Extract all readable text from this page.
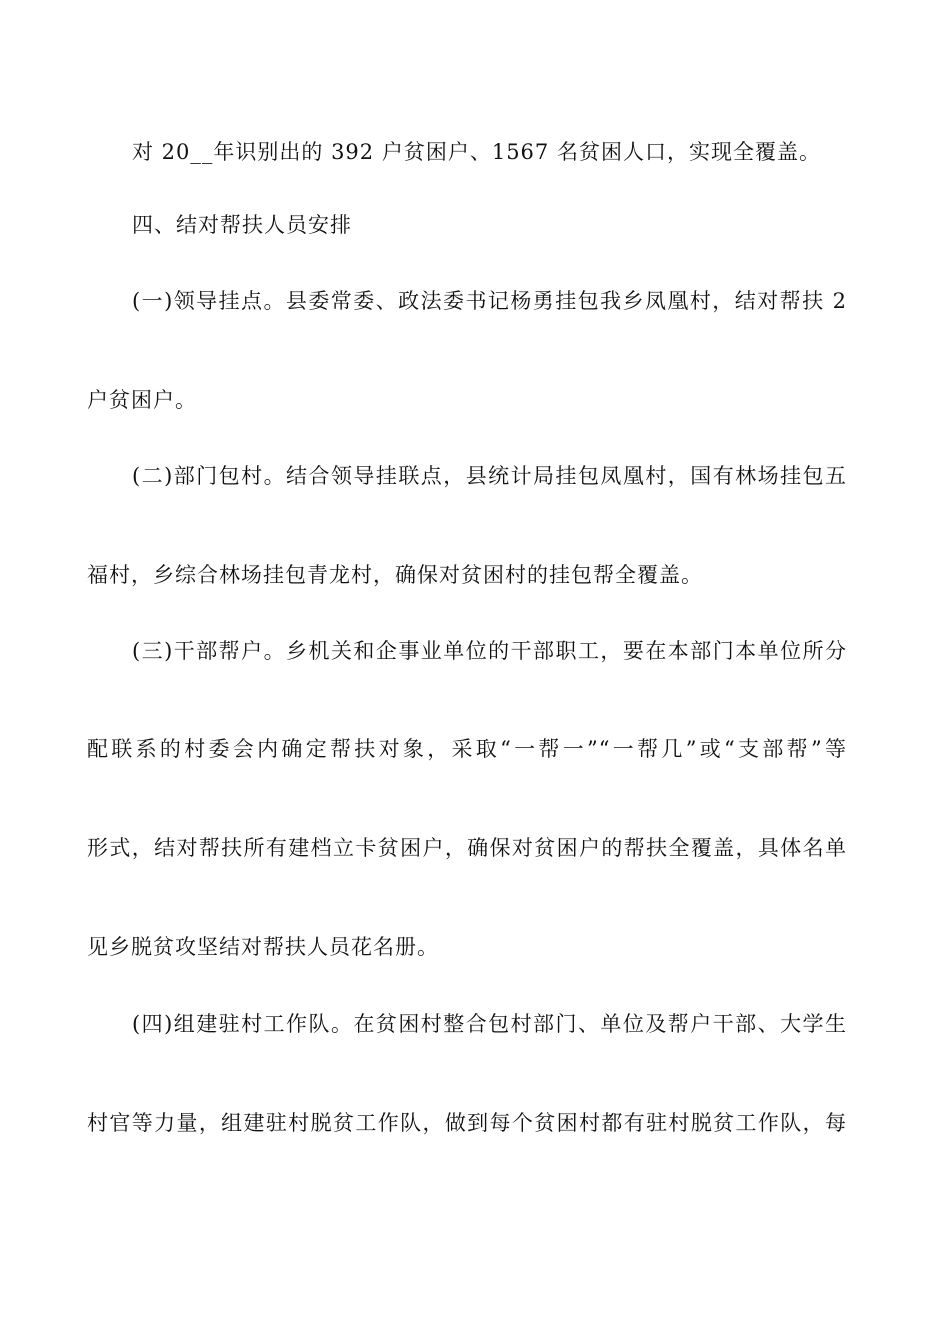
对 20__年识别出的 392 户贫困户、1567 名贫困人口，实现全覆盖。

四、结对帮扶人员安排

(一)领导挂点。县委常委、政法委书记杨勇挂包我乡凤凰村，结对帮扶 2

户贫困户。

(二)部门包村。结合领导挂联点，县统计局挂包凤凰村，国有林场挂包五

福村，乡综合林场挂包青龙村，确保对贫困村的挂包帮全覆盖。

(三)干部帮户。乡机关和企事业单位的干部职工，要在本部门本单位所分

配联系的村委会内确定帮扶对象，采取“一帮一”“一帮几”或“支部帮”等

形式，结对帮扶所有建档立卡贫困户，确保对贫困户的帮扶全覆盖，具体名单

见乡脱贫攻坚结对帮扶人员花名册。

(四)组建驻村工作队。在贫困村整合包村部门、单位及帮户干部、大学生

村官等力量，组建驻村脱贫工作队，做到每个贫困村都有驻村脱贫工作队，每
